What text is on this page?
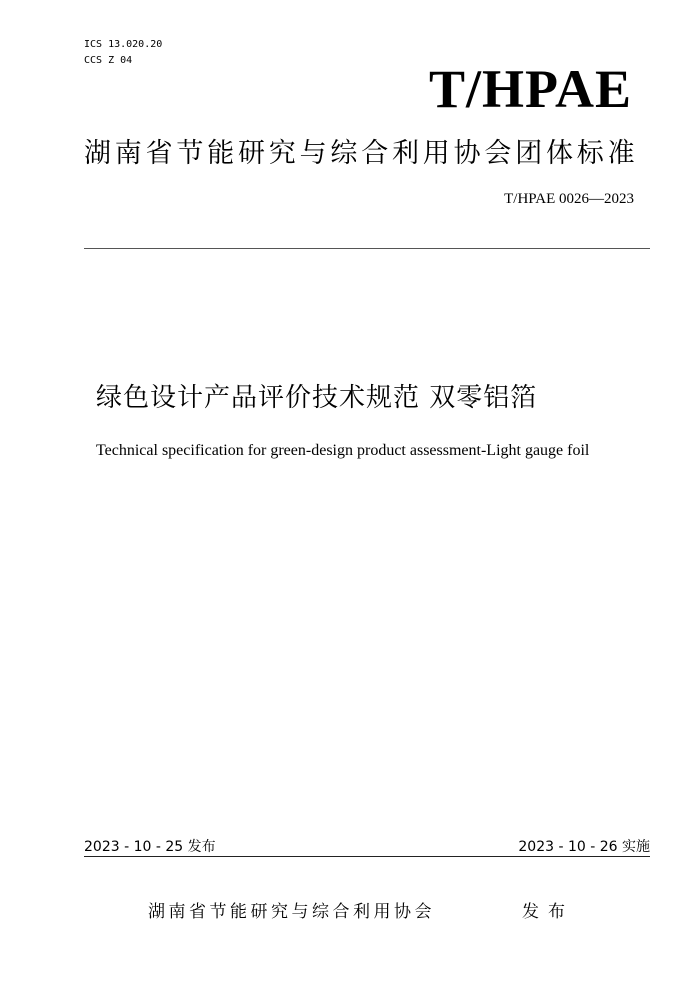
ICS 13.020.20
CCS Z 04	T/HPAE
湖南省节能研究与综合利用协会团体标准
T/HPAE 0026—2023
绿色设计产品评价技术规范 双零铝箔
Technical specification for green-design product assessment-Light gauge foil
2023 - 10 - 25 发布	2023 - 10 - 26 实施
湖南省节能研究与综合利用协会	发布
